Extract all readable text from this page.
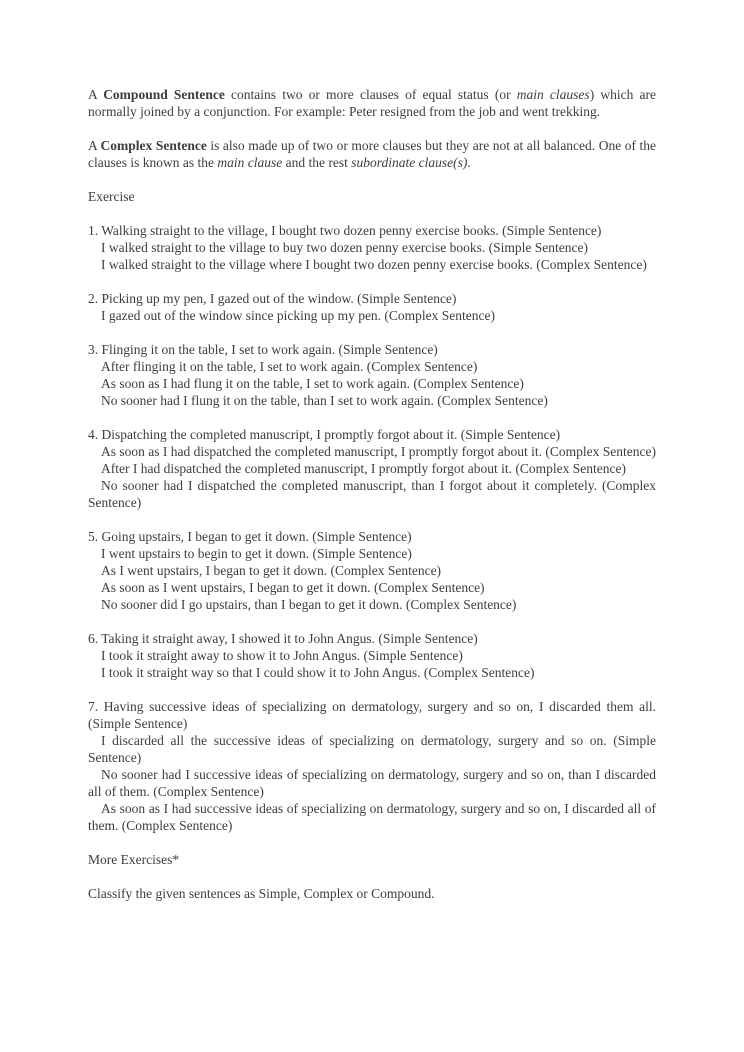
A Compound Sentence contains two or more clauses of equal status (or main clauses) which are normally joined by a conjunction. For example: Peter resigned from the job and went trekking.

A Complex Sentence is also made up of two or more clauses but they are not at all balanced. One of the clauses is known as the main clause and the rest subordinate clause(s).

Exercise

1. Walking straight to the village, I bought two dozen penny exercise books. (Simple Sentence)

I walked straight to the village to buy two dozen penny exercise books. (Simple Sentence)

I walked straight to the village where I bought two dozen penny exercise books. (Complex Sentence)

2. Picking up my pen, I gazed out of the window. (Simple Sentence)

I gazed out of the window since picking up my pen. (Complex Sentence)

3. Flinging it on the table, I set to work again. (Simple Sentence)

After flinging it on the table, I set to work again. (Complex Sentence)

As soon as I had flung it on the table, I set to work again. (Complex Sentence)

No sooner had I flung it on the table, than I set to work again. (Complex Sentence)

4. Dispatching the completed manuscript, I promptly forgot about it. (Simple Sentence)

As soon as I had dispatched the completed manuscript, I promptly forgot about it. (Complex Sentence)

After I had dispatched the completed manuscript, I promptly forgot about it. (Complex Sentence)

No sooner had I dispatched the completed manuscript, than I forgot about it completely. (Complex Sentence)

5. Going upstairs, I began to get it down. (Simple Sentence)

I went upstairs to begin to get it down. (Simple Sentence)

As I went upstairs, I began to get it down. (Complex Sentence)

As soon as I went upstairs, I began to get it down. (Complex Sentence)

No sooner did I go upstairs, than I began to get it down. (Complex Sentence)

6. Taking it straight away, I showed it to John Angus. (Simple Sentence)

I took it straight away to show it to John Angus. (Simple Sentence)

I took it straight way so that I could show it to John Angus. (Complex Sentence)

7. Having successive ideas of specializing on dermatology, surgery and so on, I discarded them all. (Simple Sentence)

I discarded all the successive ideas of specializing on dermatology, surgery and so on. (Simple Sentence)

No sooner had I successive ideas of specializing on dermatology, surgery and so on, than I discarded all of them. (Complex Sentence)

As soon as I had successive ideas of specializing on dermatology, surgery and so on, I discarded all of them. (Complex Sentence)

More Exercises*

Classify the given sentences as Simple, Complex or Compound.
